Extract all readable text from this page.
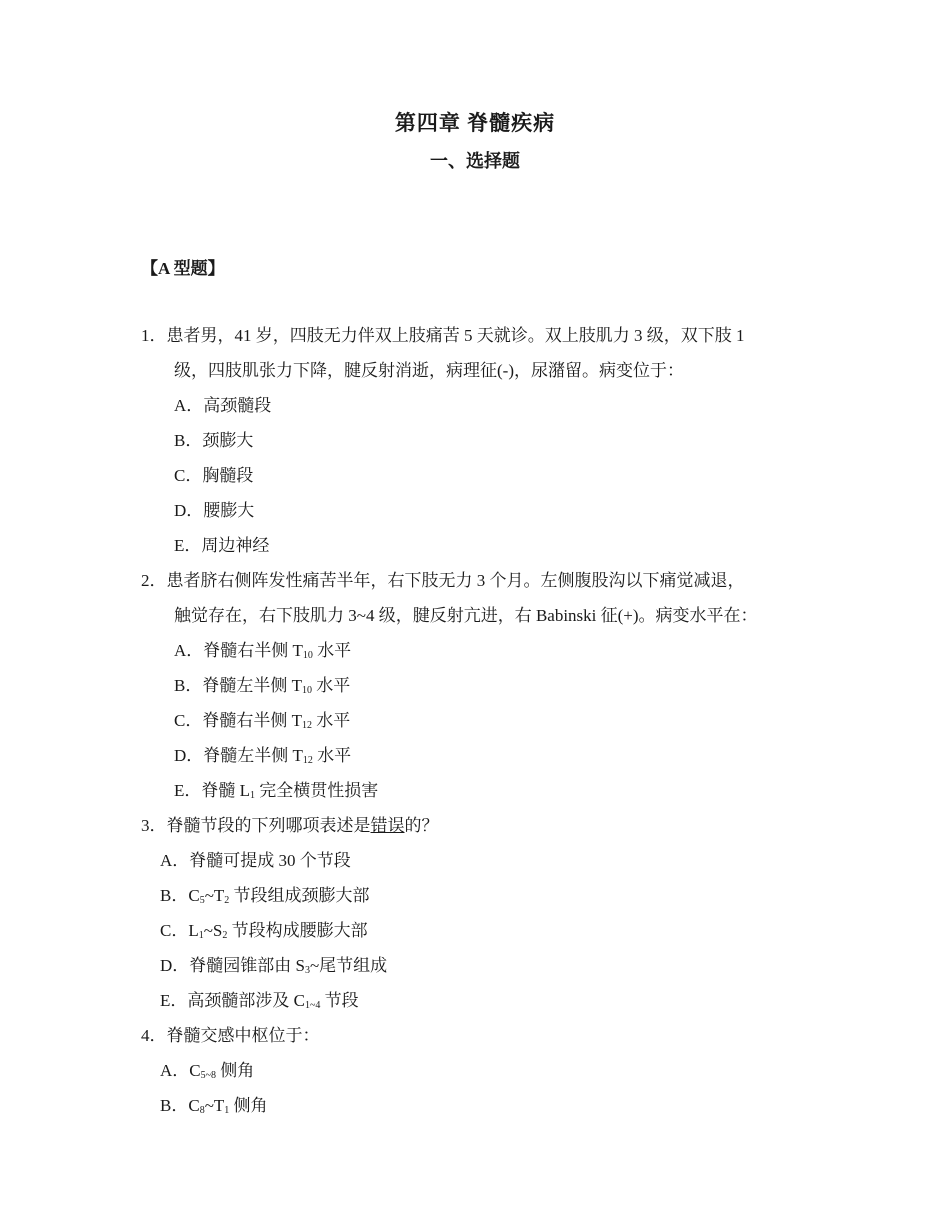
第四章 脊髓疾病
一、选择题
【A 型题】
1．患者男，41 岁，四肢无力伴双上肢痛苦 5 天就诊。双上肢肌力 3 级，双下肢 1
级，四肢肌张力下降，腱反射消逝，病理征(-)，尿潴留。病变位于：
A．高颈髓段
B．颈膨大
C．胸髓段
D．腰膨大
E．周边神经
2．患者脐右侧阵发性痛苦半年，右下肢无力 3 个月。左侧腹股沟以下痛觉减退，
触觉存在，右下肢肌力 3~4 级，腱反射亢进，右 Babinski 征(+)。病变水平在：
A．脊髓右半侧 $T_{10}$ 水平
B．脊髓左半侧 $T_{10}$ 水平
C．脊髓右半侧 $T_{12}$ 水平
D．脊髓左半侧 $T_{12}$ 水平
E．脊髓 $L_1$ 完全横贯性损害
3．脊髓节段的下列哪项表述是错误的？
A．脊髓可提成 30 个节段
B．$C_5\sim T_2$ 节段组成颈膨大部
C．$L_1\sim S_2$ 节段构成腰膨大部
D．脊髓园锥部由 $S_3\sim$尾节组成
E．高颈髓部涉及 $C_{1\sim 4}$ 节段
4．脊髓交感中枢位于：
A．$C_{5\sim 8}$ 侧角
B．$C_8\sim T_1$ 侧角
